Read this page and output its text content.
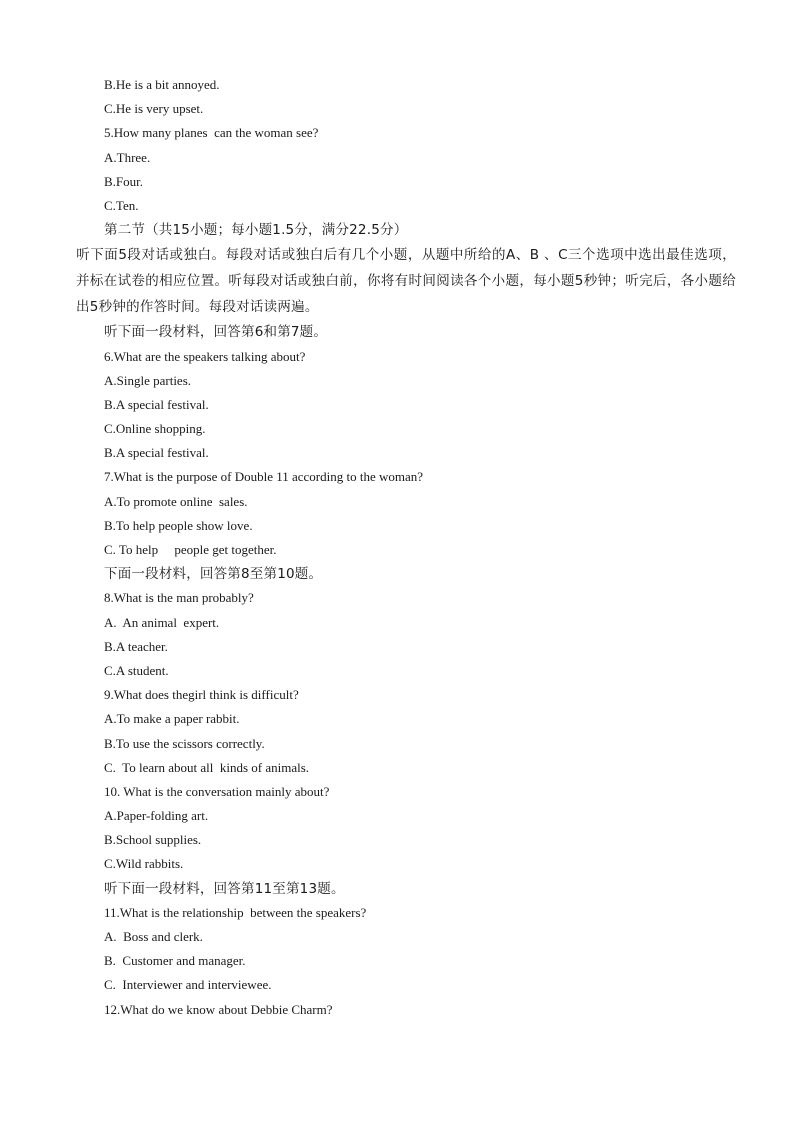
B.He is a bit annoyed.
C.He is very upset.
5.How many planes  can the woman see?
A.Three.
B.Four.
C.Ten.
第二节（共15小题；每小题1.5分，满分22.5分）
听下面5段对话或独白。每段对话或独白后有几个小题，从题中所给的A、B 、C三个选项中选出最佳选项，并标在试卷的相应位置。听每段对话或独白前，你将有时间阅读各个小题，每小题5秒钟；听完后，各小题给出5秒钟的作答时间。每段对话读两遍。
听下面一段材料，回答第6和第7题。
6.What are the speakers talking about?
A.Single parties.
B.A special festival.
C.Online shopping.
B.A special festival.
7.What is the purpose of Double 11 according to the woman?
A.To promote online  sales.
B.To help people show love.
C. To help     people get together.
下面一段材料，回答第8至第10题。
8.What is the man probably?
A.  An animal  expert.
B.A teacher.
C.A student.
9.What does thegirl think is difficult?
A.To make a paper rabbit.
B.To use the scissors correctly.
C.  To learn about all  kinds of animals.
10. What is the conversation mainly about?
A.Paper-folding art.
B.School supplies.
C.Wild rabbits.
听下面一段材料，回答第11至第13题。
11.What is the relationship  between the speakers?
A.  Boss and clerk.
B.  Customer and manager.
C.  Interviewer and interviewee.
12.What do we know about Debbie Charm?
